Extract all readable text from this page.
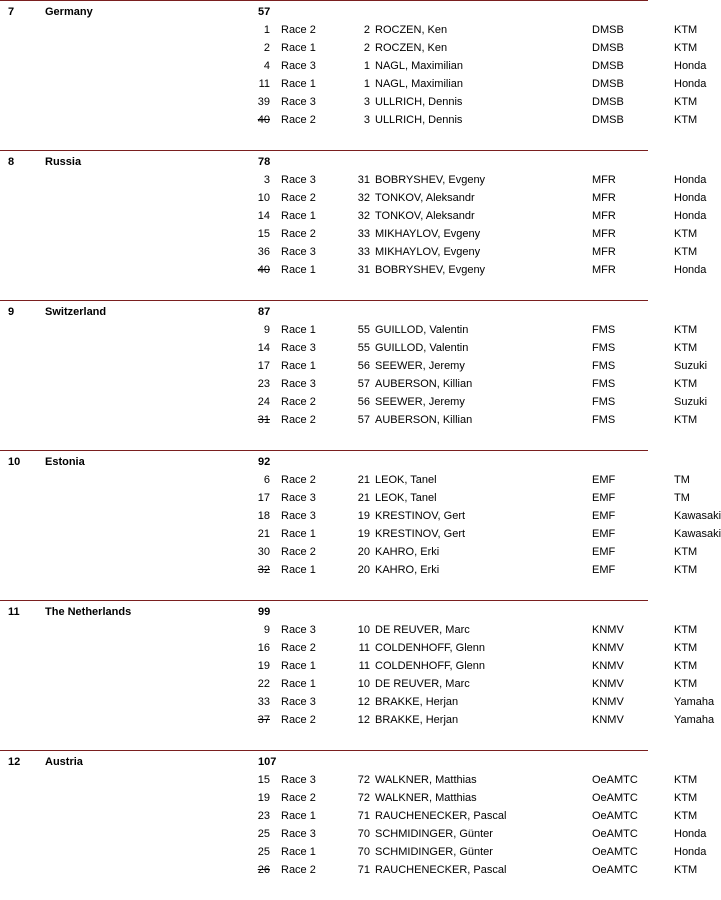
7	Germany	57
1 Race 2	2 ROCZEN, Ken	DMSB	KTM
2 Race 1	2 ROCZEN, Ken	DMSB	KTM
4 Race 3	1 NAGL, Maximilian	DMSB	Honda
11 Race 1	1 NAGL, Maximilian	DMSB	Honda
39 Race 3	3 ULLRICH, Dennis	DMSB	KTM
40 Race 2	3 ULLRICH, Dennis	DMSB	KTM
8	Russia	78
3 Race 3	31 BOBRYSHEV, Evgeny	MFR	Honda
10 Race 2	32 TONKOV, Aleksandr	MFR	Honda
14 Race 1	32 TONKOV, Aleksandr	MFR	Honda
15 Race 2	33 MIKHAYLOV, Evgeny	MFR	KTM
36 Race 3	33 MIKHAYLOV, Evgeny	MFR	KTM
40 Race 1	31 BOBRYSHEV, Evgeny	MFR	Honda
9	Switzerland	87
9 Race 1	55 GUILLOD, Valentin	FMS	KTM
14 Race 3	55 GUILLOD, Valentin	FMS	KTM
17 Race 1	56 SEEWER, Jeremy	FMS	Suzuki
23 Race 3	57 AUBERSON, Killian	FMS	KTM
24 Race 2	56 SEEWER, Jeremy	FMS	Suzuki
31 Race 2	57 AUBERSON, Killian	FMS	KTM
10 Estonia	92
6 Race 2	21 LEOK, Tanel	EMF	TM
17 Race 3	21 LEOK, Tanel	EMF	TM
18 Race 3	19 KRESTINOV, Gert	EMF	Kawasaki
21 Race 1	19 KRESTINOV, Gert	EMF	Kawasaki
30 Race 2	20 KAHRO, Erki	EMF	KTM
32 Race 1	20 KAHRO, Erki	EMF	KTM
11 The Netherlands	99
9 Race 3	10 DE REUVER, Marc	KNMV	KTM
16 Race 2	11 COLDENHOFF, Glenn	KNMV	KTM
19 Race 1	11 COLDENHOFF, Glenn	KNMV	KTM
22 Race 1	10 DE REUVER, Marc	KNMV	KTM
33 Race 3	12 BRAKKE, Herjan	KNMV	Yamaha
37 Race 2	12 BRAKKE, Herjan	KNMV	Yamaha
12 Austria	107
15 Race 3	72 WALKNER, Matthias	OeAMTC	KTM
19 Race 2	72 WALKNER, Matthias	OeAMTC	KTM
23 Race 1	71 RAUCHENECKER, Pascal	OeAMTC	KTM
25 Race 3	70 SCHMIDINGER, Günter	OeAMTC	Honda
25 Race 1	70 SCHMIDINGER, Günter	OeAMTC	Honda
26 Race 2	71 RAUCHENECKER, Pascal	OeAMTC	KTM
